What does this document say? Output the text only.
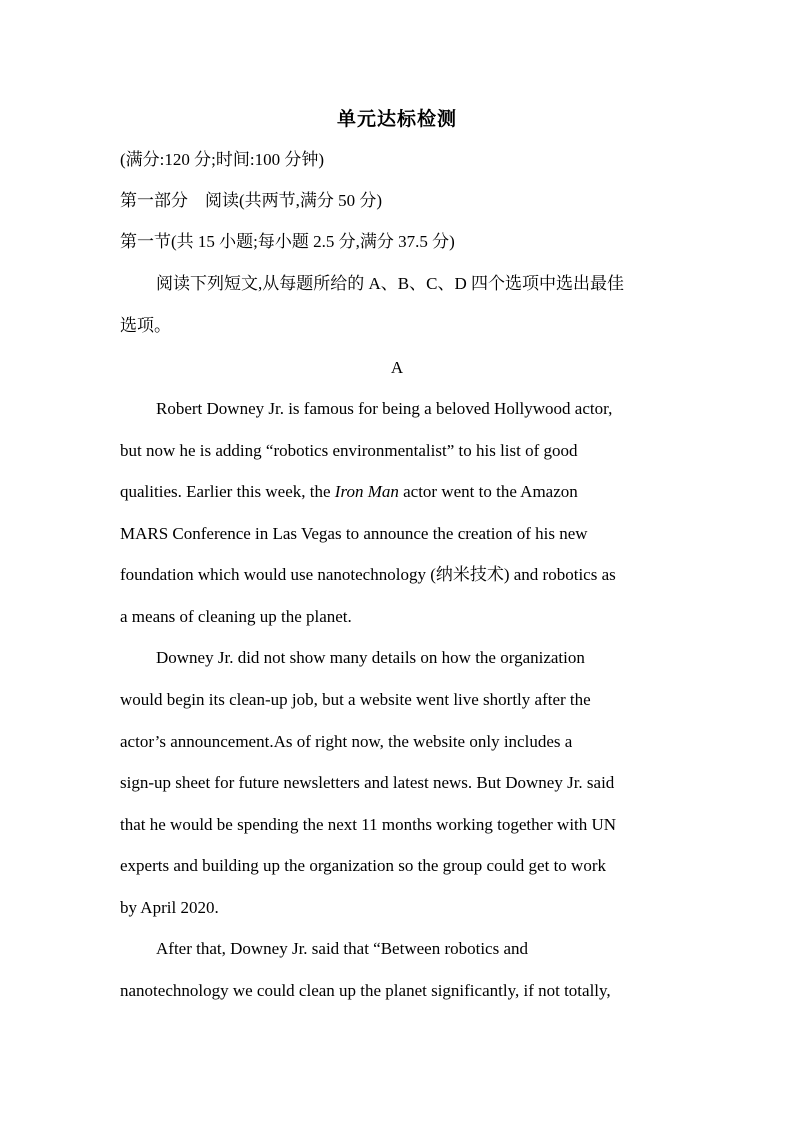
单元达标检测
(满分:120 分;时间:100 分钟)
第一部分　阅读(共两节,满分 50 分)
第一节(共 15 小题;每小题 2.5 分,满分 37.5 分)
阅读下列短文,从每题所给的 A、B、C、D 四个选项中选出最佳
选项。
A
Robert Downey Jr. is famous for being a beloved Hollywood actor,
but now he is adding “robotics environmentalist” to his list of good
qualities. Earlier this week, the Iron Man actor went to the Amazon
MARS Conference in Las Vegas to announce the creation of his new
foundation which would use nanotechnology (纳米技术) and robotics as
a means of cleaning up the planet.
Downey Jr. did not show many details on how the organization
would begin its clean-up job, but a website went live shortly after the
actor’s announcement.As of right now, the website only includes a
sign-up sheet for future newsletters and latest news. But Downey Jr. said
that he would be spending the next 11 months working together with UN
experts and building up the organization so the group could get to work
by April 2020.
After that, Downey Jr. said that “Between robotics and
nanotechnology we could clean up the planet significantly, if not totally,
